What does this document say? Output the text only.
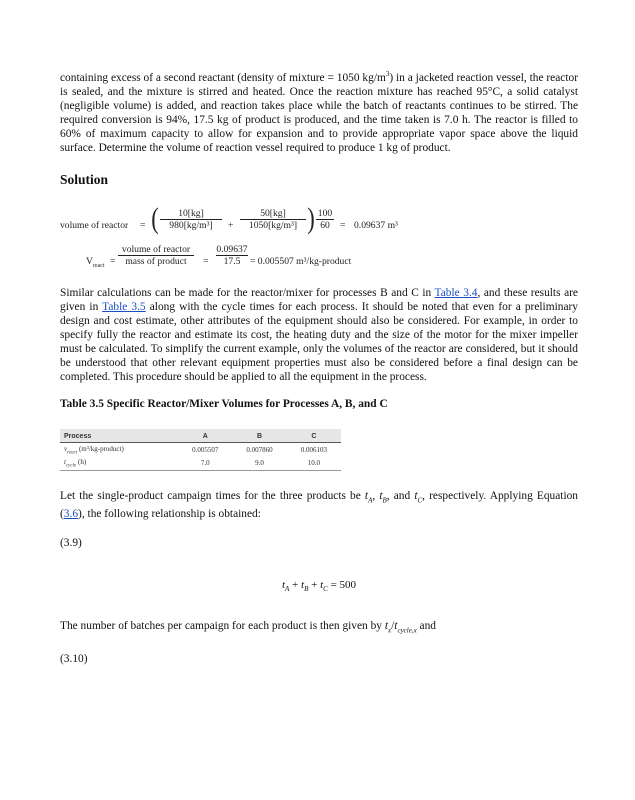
containing excess of a second reactant (density of mixture = 1050 $kg/m^3$) in a jacketed reaction vessel, the reactor is sealed, and the mixture is stirred and heated. Once the reaction mixture has reached 95°C, a solid catalyst (negligible volume) is added, and reaction takes place while the batch of reactants continues to be stirred. The required conversion is 94%, 17.5 kg of product is produced, and the time taken is 7.0 h. The reactor is filled to 60% of maximum capacity to allow for expansion and to provide appropriate vapor space above the liquid surface. Determine the volume of reaction vessel required to produce 1 kg of product.

Solution
volume of reactor = ( 10[kg]
980[kg/m³] +
50[kg]
1050[kg/m³] ) 100
60 = 0.09637 m³
$V_{react}$ =
volume of reactor
mass of product =
0.09637
17.5 = 0.005507 m³/kg-product

Similar calculations can be made for the reactor/mixer for processes B and C in Table 3.4, and these results are given in Table 3.5 along with the cycle times for each process. It should be noted that even for a preliminary design and cost estimate, other attributes of the equipment should also be considered. For example, in order to specify fully the reactor and estimate its cost, the heating duty and the size of the motor for the mixer impeller must be calculated. To simplify the current example, only the volumes of the reactor are considered, but it should be understood that other relevant equipment properties must also be considered before a final design can be completed. This procedure should be applied to all the equipment in the process.

Table 3.5 Specific Reactor/Mixer Volumes for Processes A, B, and C
Process	A	B	C
$v_{react}$ (m³/kg-product)	0.005507	0.007860	0.006103
$t_{cycle}$ (h)	7.0	9.0	10.0

Let the single-product campaign times for the three products be $t_A$, $t_B$, and $t_C$, respectively. Applying Equation (3.6), the following relationship is obtained:

(3.9)

$t_A + t_B + t_C = 500$

The number of batches per campaign for each product is then given by $t_x/t_{cycle,x}$ and

(3.10)
